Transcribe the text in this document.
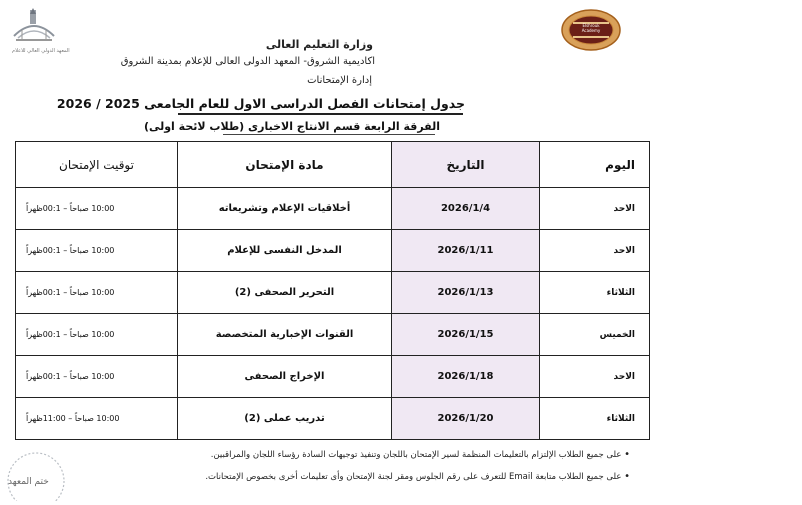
المعهد الدولي العالي للاعلام
Elshrouk Academy
وزارة التعليم العالى
اكاديمية الشروق- المعهد الدولى العالى للإعلام بمدينة الشروق
إدارة الإمتحانات
جدول إمتحانات الفصل الدراسى الاول للعام الجامعى 2025 / 2026
الفرقة الرابعة قسم الانتاج الاخبارى (طلاب لائحة اولى)
توقيت الإمتحان	مادة الإمتحان	التاريخ	اليوم

10:00 صباحاً – 00:1ظهراً	أخلاقيات الإعلام وتشريعاته	2026/1/4	الاحد

10:00 صباحاً – 00:1ظهراً	المدخل النفسى للإعلام	2026/1/11	الاحد

10:00 صباحاً – 00:1ظهراً	التحرير الصحفى (2)	2026/1/13	الثلاثاء

10:00 صباحاً – 00:1ظهراً	القنوات الإخبارية المتخصصة	2026/1/15	الخميس

10:00 صباحاً – 00:1ظهراً	الإخراج الصحفى	2026/1/18	الاحد

10:00 صباحاً – 11:00ظهراً	تدريب عملى (2)	2026/1/20	الثلاثاء
• على جميع الطلاب الإلتزام بالتعليمات المنظمة لسير الإمتحان باللجان وتنفيذ توجيهات السادة رؤساء اللجان والمراقبين.
• على جميع الطلاب متابعة Email للتعرف على رقم الجلوس ومقر لجنة الإمتحان وأى تعليمات أخرى بخصوص الإمتحانات.
ختم المعهد
